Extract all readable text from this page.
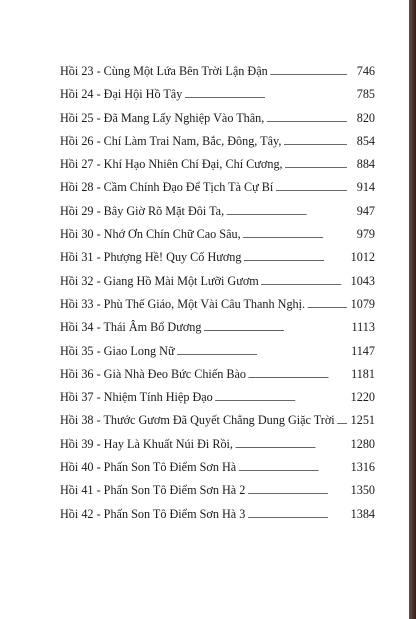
Hồi 23 - Cùng Một Lứa Bên Trời Lận Đận . . .	746
Hồi 24 - Đại Hội Hồ Tây . . .	785
Hồi 25 - Đã Mang Lấy Nghiệp Vào Thân, . . .	820
Hồi 26 - Chí Làm Trai Nam, Bắc, Đông, Tây, . . .	854
Hồi 27 - Khí Hạo Nhiên Chí Đại, Chí Cương, . . .	884
Hồi 28 - Cầm Chính Đạo Để Tịch Tà Cự Bí . . .	914
Hồi 29 - Bây Giờ Rõ Mặt Đôi Ta, . . .	947
Hồi 30 - Nhớ Ơn Chín Chữ Cao Sâu, . . .	979
Hồi 31 - Phượng Hề! Quy Cố Hương . . .	1012
Hồi 32 - Giang Hồ Mài Một Lưỡi Gươm . . .	1043
Hồi 33 - Phù Thế Giáo, Một Vài Câu Thanh Nghị. . . .	1079
Hồi 34 - Thái Âm Bổ Dương . . .	1113
Hồi 35 - Giao Long Nữ . . .	1147
Hồi 36 - Già Nhà Đeo Bức Chiến Bào . . .	1181
Hồi 37 - Nhiệm Tính Hiệp Đạo . . .	1220
Hồi 38 - Thước Gươm Đã Quyết Chẳng Dung Giặc Trời . . . 1251
Hồi 39 - Hay Là Khuất Núi Đi Rồi, . . .	1280
Hồi 40 - Phấn Son Tô Điểm Sơn Hà . . .	1316
Hồi 41 - Phấn Son Tô Điểm Sơn Hà 2 . . .	1350
Hồi 42 - Phấn Son Tô Điểm Sơn Hà 3 . . .	1384
